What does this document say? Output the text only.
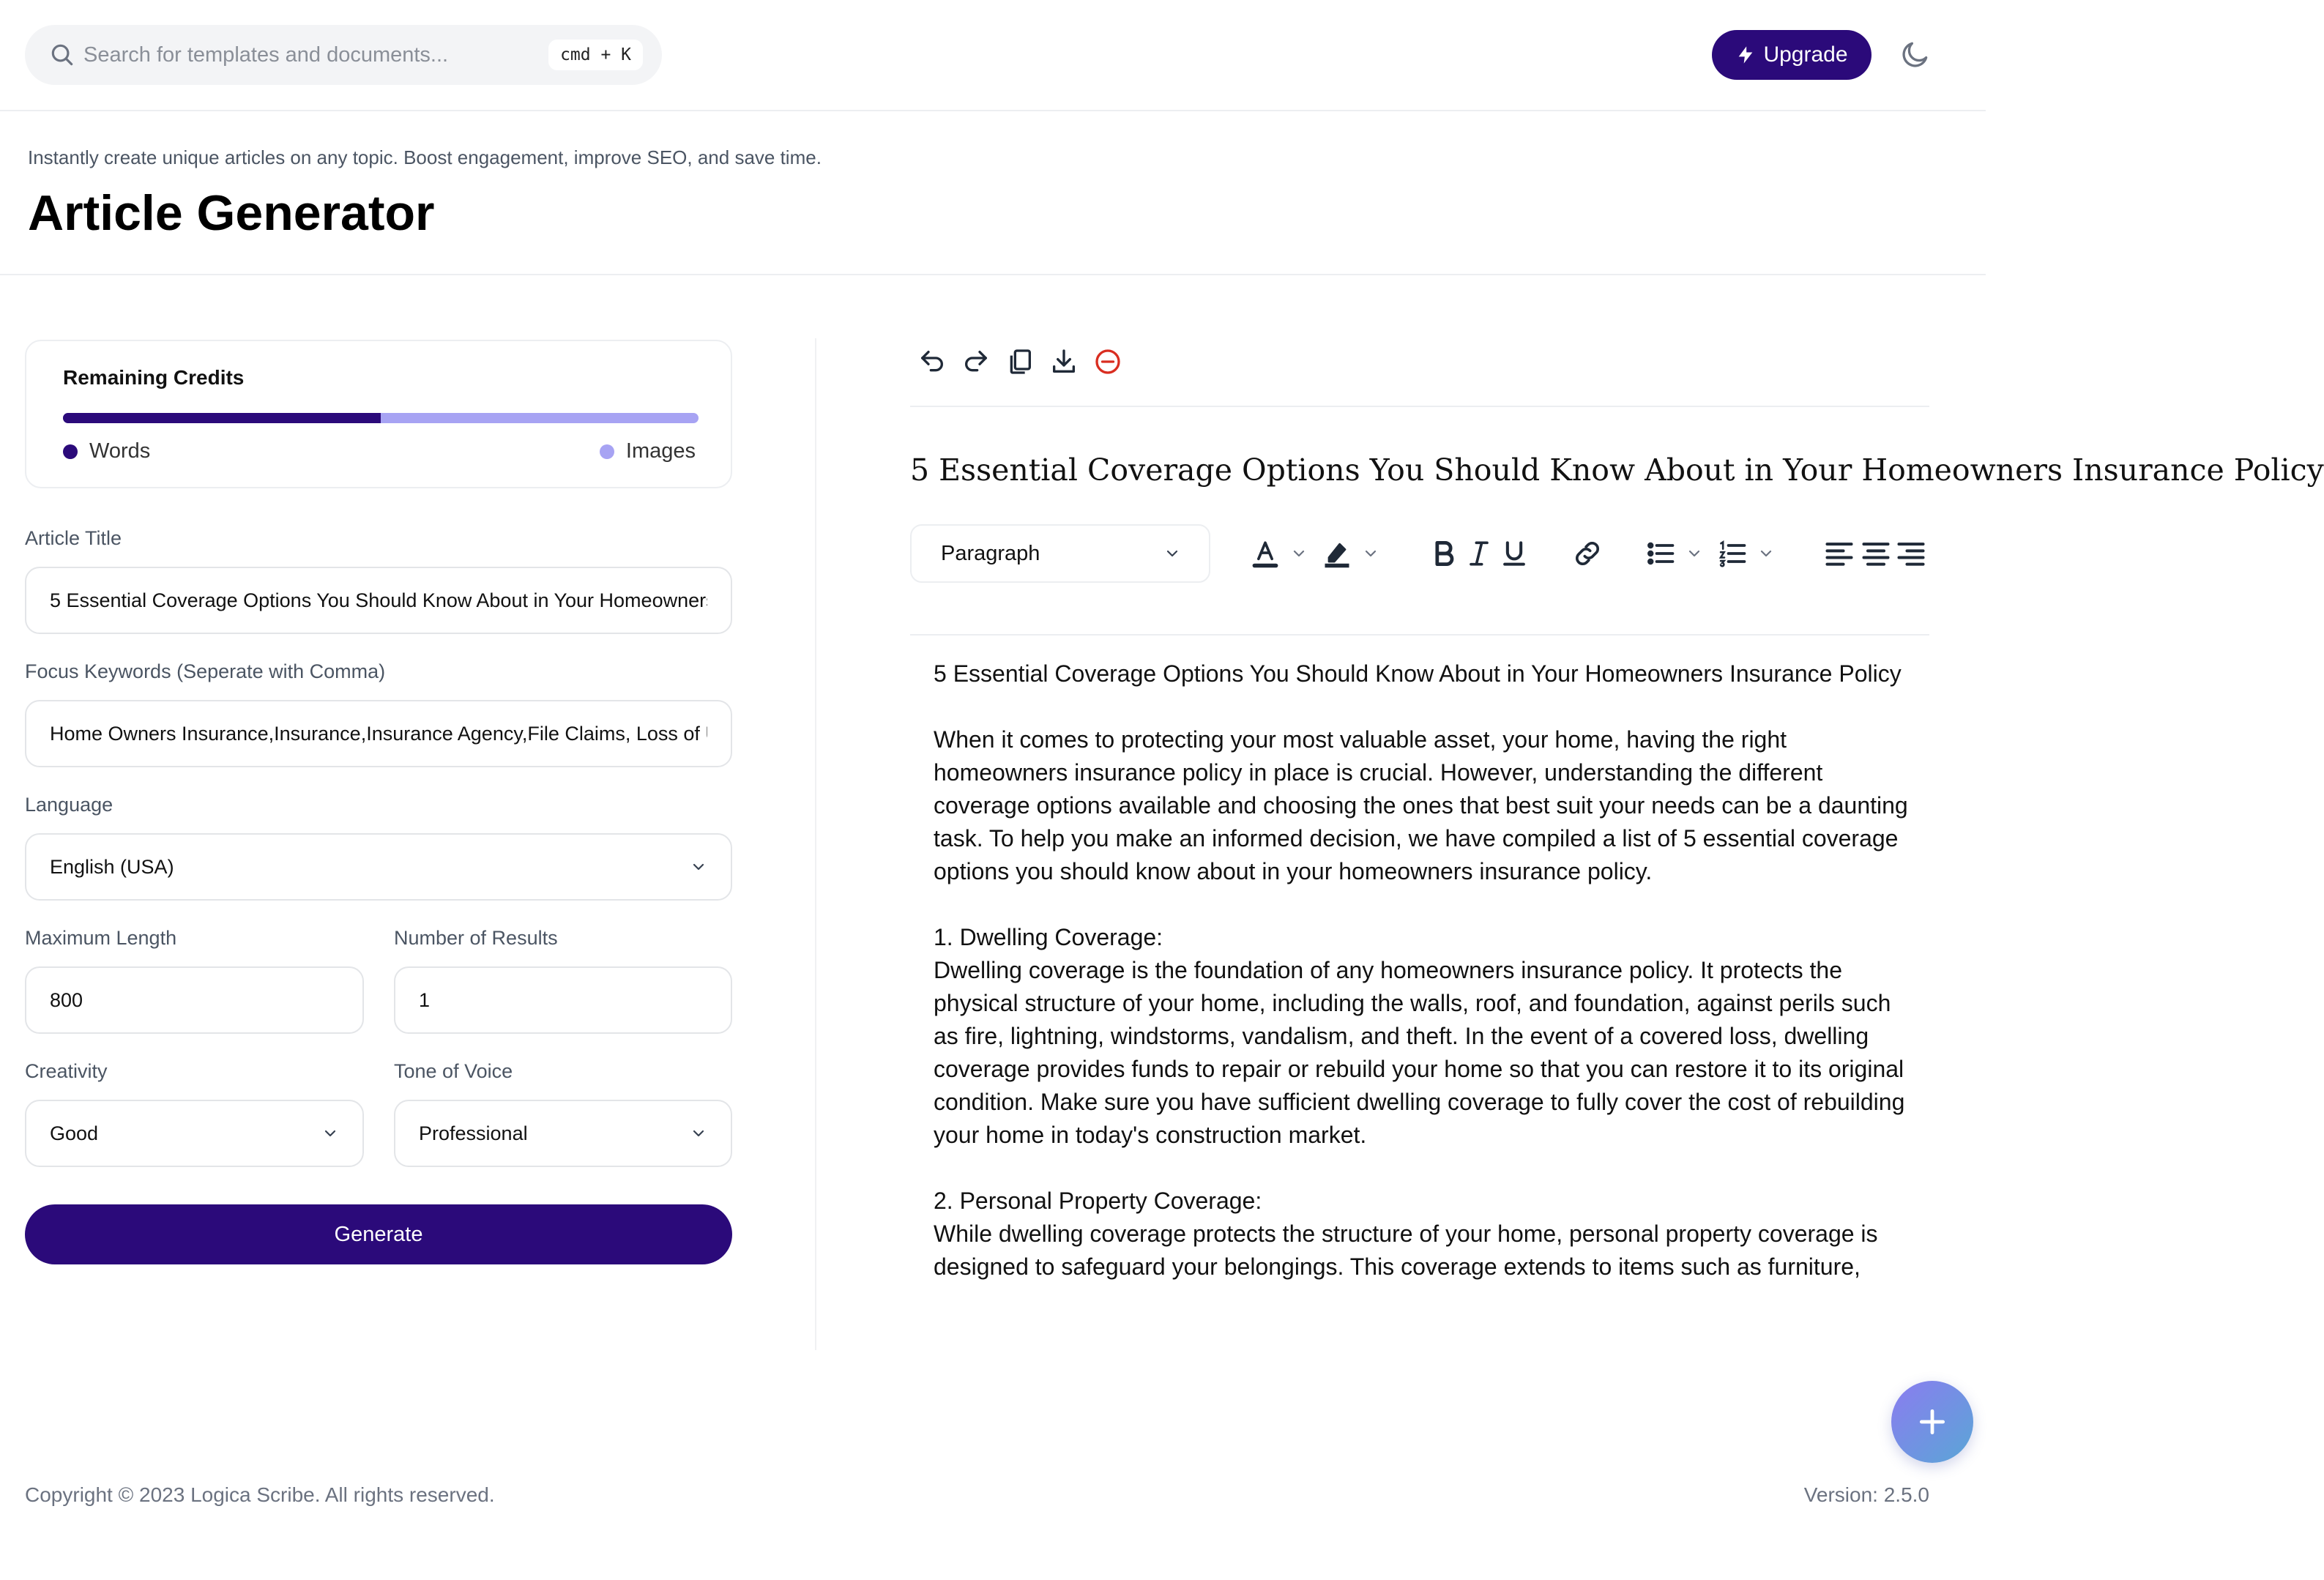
Search for templates and documents...
cmd + K	Upgrade
Instantly create unique articles on any topic. Boost engagement, improve SEO, and save time.
Article Generator
Remaining Credits
Words	Images
Article Title
5 Essential Coverage Options You Should Know About in Your Homeowners Insurance Policy
Focus Keywords (Seperate with Comma)
Home Owners Insurance,Insurance,Insurance Agency,File Claims, Loss of Use Coverage
Language
English (USA)
Maximum Length
800	Number of Results
1
Creativity
Good
Tone of Voice
Professional
Generate
5 Essential Coverage Options You Should Know About in Your Homeowners Insurance Policy
Paragraph

5 Essential Coverage Options You Should Know About in Your Homeowners Insurance Policy

When it comes to protecting your most valuable asset, your home, having the right homeowners insurance policy in place is crucial. However, understanding the different coverage options available and choosing the ones that best suit your needs can be a daunting task. To help you make an informed decision, we have compiled a list of 5 essential coverage options you should know about in your homeowners insurance policy.

1. Dwelling Coverage:

Dwelling coverage is the foundation of any homeowners insurance policy. It protects the physical structure of your home, including the walls, roof, and foundation, against perils such as fire, lightning, windstorms, vandalism, and theft. In the event of a covered loss, dwelling coverage provides funds to repair or rebuild your home so that you can restore it to its original condition. Make sure you have sufficient dwelling coverage to fully cover the cost of rebuilding your home in today's construction market.

2. Personal Property Coverage:

While dwelling coverage protects the structure of your home, personal property coverage is designed to safeguard your belongings. This coverage extends to items such as furniture,

Copyright © 2023 Logica Scribe. All rights reserved.	Version: 2.5.0
